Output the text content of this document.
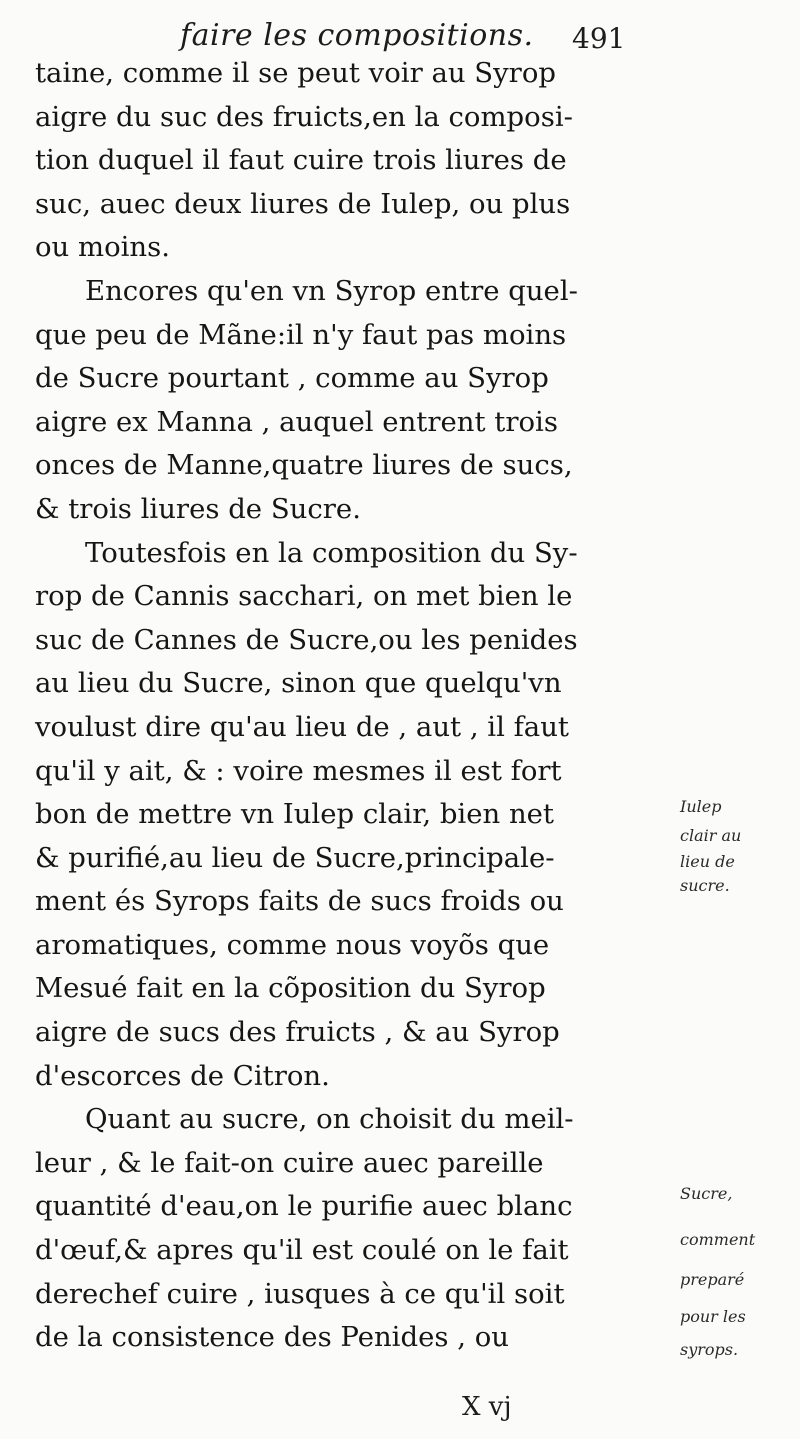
faire les compositions. 491
taine, comme il se peut voir au Syrop
aigre du suc des fruicts,en la composi-
tion duquel il faut cuire trois liures de
suc, auec deux liures de Iulep, ou plus
ou moins.
Encores qu'en vn Syrop entre quel-
que peu de Mãne:il n'y faut pas moins
de Sucre pourtant , comme au Syrop
aigre ex Manna , auquel entrent trois
onces de Manne,quatre liures de sucs,
& trois liures de Sucre.
Toutesfois en la composition du Sy-
rop de Cannis sacchari, on met bien le
suc de Cannes de Sucre,ou les penides
au lieu du Sucre, sinon que quelqu'vn
voulust dire qu'au lieu de , aut , il faut
qu'il y ait, & : voire mesmes il est fort
bon de mettre vn Iulep clair, bien net
& purifié,au lieu de Sucre,principale-
ment és Syrops faits de sucs froids ou
aromatiques, comme nous voyõs que
Mesué fait en la cõposition du Syrop
aigre de sucs des fruicts , & au Syrop
d'escorces de Citron.
Quant au sucre, on choisit du meil-
leur , & le fait-on cuire auec pareille
quantité d'eau,on le purifie auec blanc
d'œuf,& apres qu'il est coulé on le fait
derechef cuire , iusques à ce qu'il soit
de la consistence des Penides , ou
Iulep
clair au
lieu de
sucre.
Sucre,
comment
preparé
pour les
syrops.
X vj
